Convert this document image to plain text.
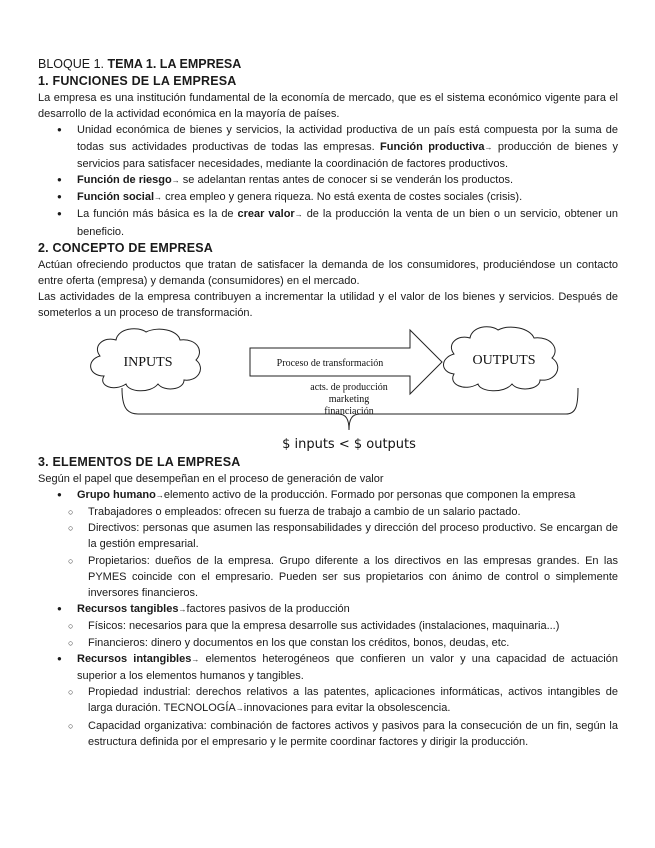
BLOQUE 1. TEMA 1. LA EMPRESA
1. FUNCIONES DE LA EMPRESA

La empresa es una institución fundamental de la economía de mercado, que es el sistema económico vigente para el desarrollo de la actividad económica en la mayoría de países.

● Unidad económica de bienes y servicios, la actividad productiva de un país está compuesta por la suma de todas sus actividades productivas de todas las empresas. Función productiva→ producción de bienes y servicios para satisfacer necesidades, mediante la coordinación de factores productivos.
● Función de riesgo→ se adelantan rentas antes de conocer si se venderán los productos.
● Función social→ crea empleo y genera riqueza. No está exenta de costes sociales (crisis).
● La función más básica es la de crear valor→ de la producción la venta de un bien o un servicio, obtener un beneficio.
2. CONCEPTO DE EMPRESA

Actúan ofreciendo productos que tratan de satisfacer la demanda de los consumidores, produciéndose un contacto entre oferta (empresa) y demanda (consumidores) en el mercado.

Las actividades de la empresa contribuyen a incrementar la utilidad y el valor de los bienes y servicios. Después de someterlos a un proceso de transformación.

INPUTS	Proceso de transformación	OUTPUTS
acts. de producción
marketing
financiación
$ inputs < $ outputs
3. ELEMENTOS DE LA EMPRESA

Según el papel que desempeñan en el proceso de generación de valor

● Grupo humano→elemento activo de la producción. Formado por personas que componen la empresa
○ Trabajadores o empleados: ofrecen su fuerza de trabajo a cambio de un salario pactado.
○ Directivos: personas que asumen las responsabilidades y dirección del proceso productivo. Se encargan de la gestión empresarial.
○ Propietarios: dueños de la empresa. Grupo diferente a los directivos en las empresas grandes. En las PYMES coincide con el empresario. Pueden ser sus propietarios con ánimo de control o simplemente inversores financieros.
● Recursos tangibles→factores pasivos de la producción
○ Físicos: necesarios para que la empresa desarrolle sus actividades (instalaciones, maquinaria...)
○ Financieros: dinero y documentos en los que constan los créditos, bonos, deudas, etc.
● Recursos intangibles→ elementos heterogéneos que confieren un valor y una capacidad de actuación superior a los elementos humanos y tangibles.
○ Propiedad industrial: derechos relativos a las patentes, aplicaciones informáticas, activos intangibles de larga duración. TECNOLOGÍA→innovaciones para evitar la obsolescencia.
○ Capacidad organizativa: combinación de factores activos y pasivos para la consecución de un fin, según la estructura definida por el empresario y le permite coordinar factores y dirigir la producción.
